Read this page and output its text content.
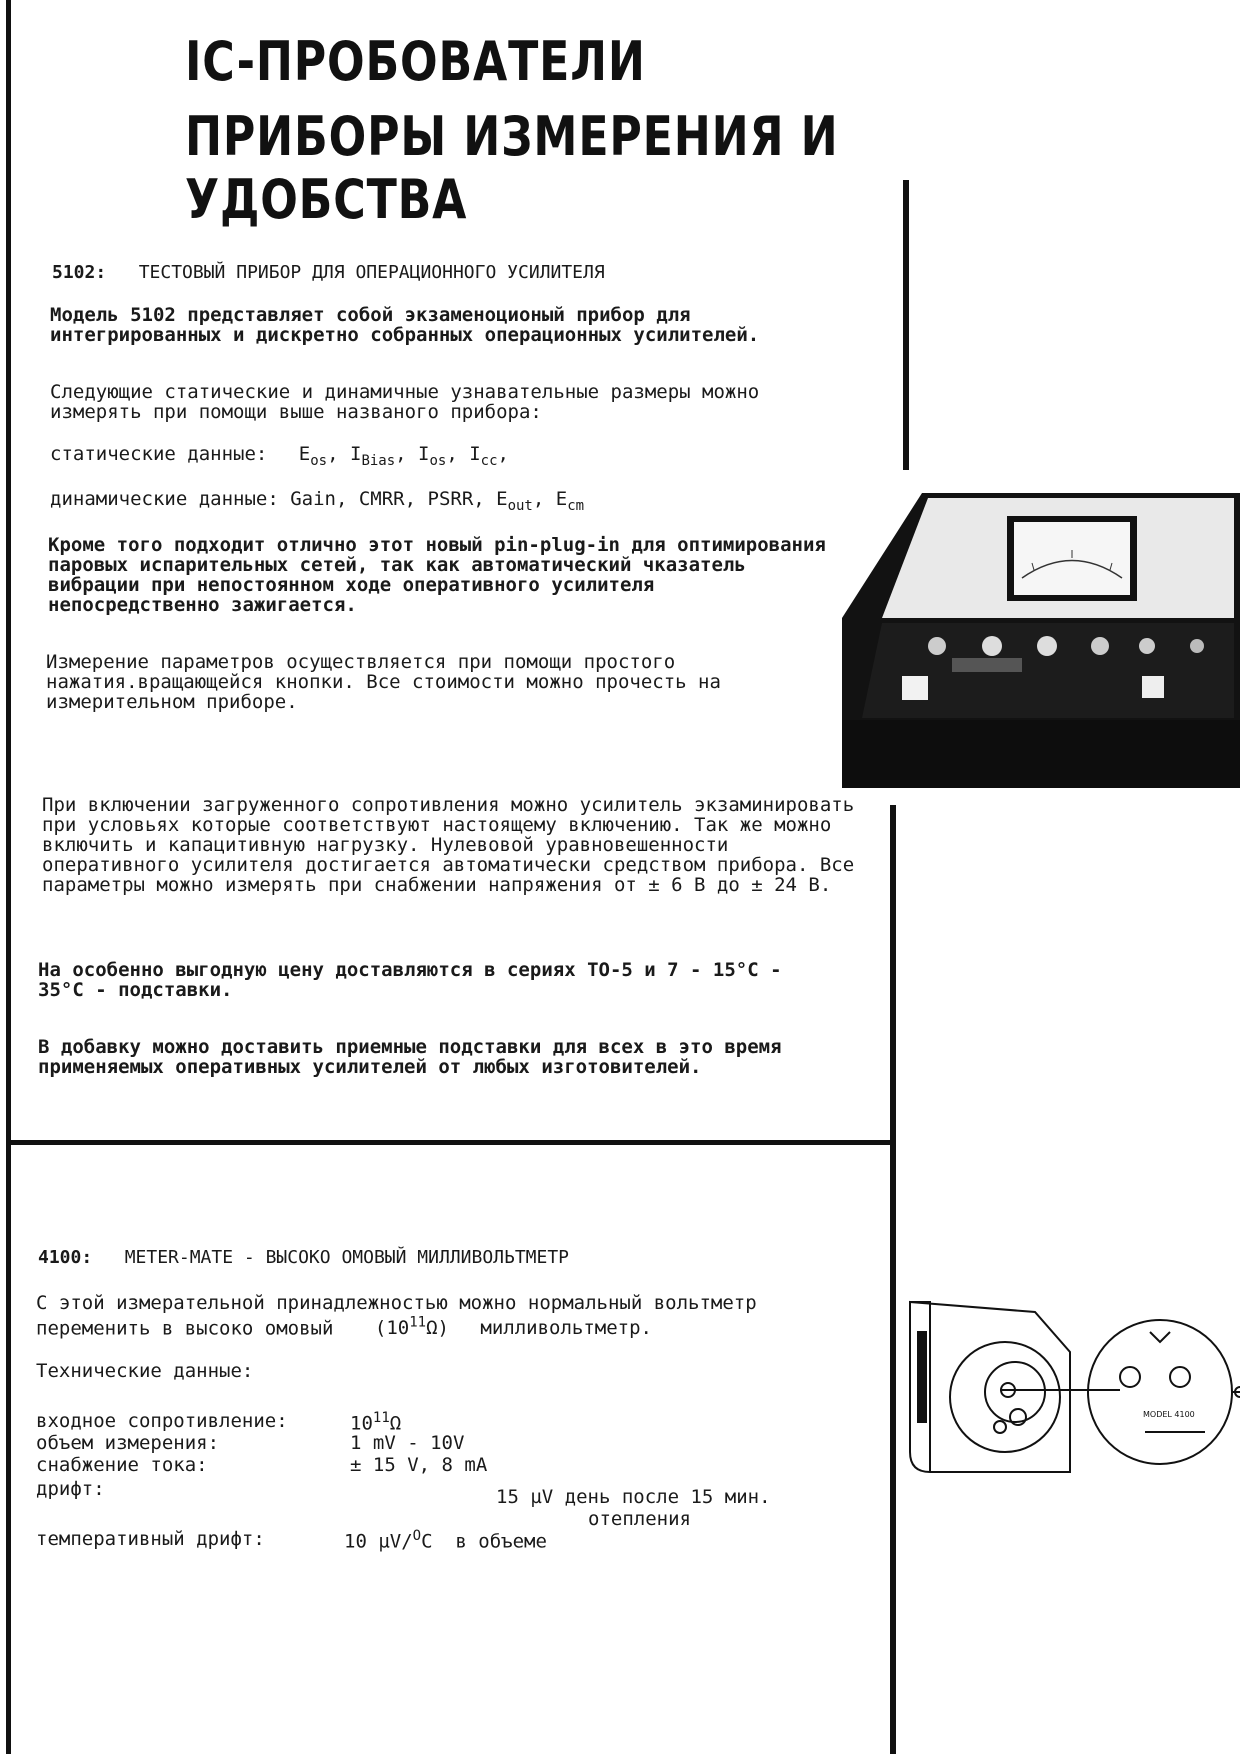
IC-ПРОБОВАТЕЛИ
ПРИБОРЫ ИЗМЕРЕНИЯ И УДОБСТВА
5102: ТЕСТОВЫЙ ПРИБОР ДЛЯ ОПЕРАЦИОННОГО УСИЛИТЕЛЯ

Модель 5102 представляет собой экзаменоционый прибор для интегрированных и дискретно собранных операционных усилителей.

Следующие статические и динамичные узнавательные размеры можно измерять при помощи выше названого прибора:

статические данные: $E_{os}$, $I_{Bias}$, $I_{os}$, $I_{cc}$,
динамические данные: Gain, CMRR, PSRR, $E_{out}$, $E_{cm}$

Кроме того подходит отлично этот новый pin-plug-in для оптимирования паровых испарительных сетей, так как автоматический чказатель вибрации при непостоянном ходе оперативного усилителя непосредственно зажигается.

Измерение параметров осуществляется при помощи простого нажатия.вращающейся кнопки. Все стоимости можно прочесть на измерительном приборе.

При включении загруженного сопротивления можно усилитель экзаминировать при условьях которые соответствуют настоящему включению. Так же можно включить и капацитивную нагрузку. Нулевовой уравновешенности оперативного усилителя достигается автоматически средством прибора. Все параметры можно измерять при снабжении напряжения от ± 6 В до ± 24 В.

На особенно выгодную цену доставляются в сериях ТО-5 и 7 - 15°C - 35°C - подставки.

В добавку можно доставить приемные подставки для всех в это время применяемых оперативных усилителей от любых изготовителей.

4100: METER-MATE - ВЫСОКО ОМОВЫЙ МИЛЛИВОЛЬТМЕТР

С этой измерательной принадлежностью можно нормальный вольтметр переменить в высоко омовый $(10^{11}\Omega)$ милливольтметр.

Технические данные:
входное сопротивление:	$10^{11}\Omega$
объем измерения:	1 mV - 10V
снабжение тока:	± 15 V, 8 mA
дрифт:	15 µV день после 15 мин.
отепления
температивный дрифт:	10 µV/$^O$C  в объеме
MODEL 4100
